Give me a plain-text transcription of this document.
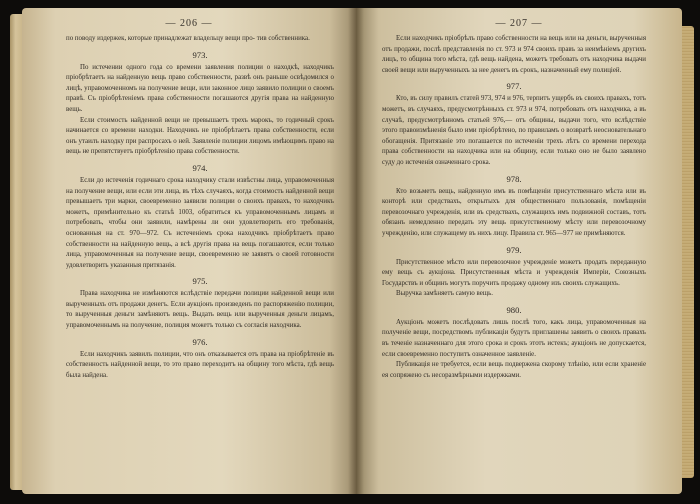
— 206 —

по поводу издержек, которые принадлежат владельцу вещи про- тив собственника.

973.

По истечении одного года со времени заявления полиции о находкѣ, находчикъ пріобрѣтаетъ на найденную вещь право собственности, развѣ онъ раньше освѣдомился о лицѣ, управомоченномъ на получение вещи, или законное лицо заявило полиции о своемъ правѣ. Съ пріобрѣтеніемъ права собственности погашаются другія права на найденную вещь.

Если стоимость найденной вещи не превышаетъ трехъ марокъ, то годичный срокъ начинается со времени находки. Находчикъ не пріобрѣтаетъ права собственности, если онъ утаилъ находку при распросахъ о ней. Заявленіе полиции лицомъ имѣющимъ право на вещь не препятствуетъ пріобрѣтенію права собственности.

974.

Если до истеченія годичнаго срока находчику стали извѣстны лица, управомоченныя на получение вещи, или если эти лица, въ тѣхъ случаяхъ, когда стоимость найденной вещи превышаетъ три марки, своевременно заявили полиции о своихъ правахъ, то находчикъ можетъ, примѣнительно къ статьѣ 1003, обратиться къ управомоченнымъ лицамъ и потребовать, чтобы они заявили, намѣрены ли они удовлетворить его требованія, основанныя на ст. 970—972. Съ истеченіемъ срока находчикъ пріобрѣтаетъ право собственности на найденную вещь, а всѣ другія права на вещь погашаются, если только лица, управомоченныя на получение вещи, своевременно не заявятъ о своей готовности удовлетворить указанныя притязанія.

975.

Права находчика не измѣняются вслѣдствіе передачи полиции найденной вещи или вырученныхъ отъ продажи денегъ. Если аукціонъ произведенъ по распоряженію полиции, то вырученныя деньги замѣняютъ вещь. Выдать вещь или вырученныя деньги лицамъ, управомоченнымъ на получение, полиция можетъ только съ согласія находчика.

976.

Если находчикъ заявилъ полиции, что онъ отказывается отъ права на пріобрѣтеніе въ собственность найденной вещи, то это право переходитъ на общину того мѣста, гдѣ вещь была найдена.

— 207 —

Если находчикъ пріобрѣлъ право собственности на вещь или на деньги, вырученныя отъ продажи, послѣ представленія по ст. 973 и 974 своихъ правъ за неимѣніемъ другихъ лицъ, то община того мѣста, гдѣ вещь найдена, можетъ требовать отъ находчика выдачи своей вещи или вырученныхъ за нее денегъ въ срокъ, назначенный ему полиціей.

977.

Кто, въ силу правилъ статей 973, 974 и 976, терпитъ ущербъ въ своихъ правахъ, тотъ можетъ, въ случаяхъ, предусмотрѣнныхъ ст. 973 и 974, потребовать отъ находчика, а въ случаѣ, предусмотрѣнномъ статьей 976,— отъ общины, выдачи того, что вслѣдствіе этого правоизмѣненія было ими пріобрѣтено, по правиламъ о возвратѣ неосновательнаго обогащенія. Притязаніе это погашается по истеченіи трехъ лѣтъ со времени перехода права собственности на находчика или на общину, если только оно не было заявлено суду до истеченія означеннаго срока.

978.

Кто возьметъ вещь, найденную имъ въ помѣщеніи присутственнаго мѣста или въ конторѣ или средствахъ, открытыхъ для общественнаго пользованія, помѣщеніи перевозочнаго учрежденія, или въ средствахъ, служащихъ имъ подвижной составъ, тотъ обязанъ немедленно передать эту вещь присутственному мѣсту или перевозочному учрежденію, или служащему въ нихъ лицу. Правила ст. 965—977 не примѣняются.

979.

Присутственное мѣсто или перевозочное учрежденіе можетъ продать переданную ему вещь съ аукціона. Присутственныя мѣста и учрежденія Имперіи, Союзныхъ Государствъ и общинъ могутъ поручить продажу одному изъ своихъ служащихъ.

Выручка замѣняетъ самую вещь.

980.

Аукціонъ можетъ послѣдовать лишь послѣ того, какъ лица, управомоченныя на полученіе вещи, посредствомъ публикаціи будутъ приглашены заявить о своихъ правахъ въ теченіе назначеннаго для этого срока и срокъ этотъ истекъ; аукціонъ не допускается, если своевременно поступитъ означенное заявленіе.

Публикація не требуется, если вещь подвержена скорому тлѣнію, или если храненіе ея сопряжено съ несоразмѣрными издержками.
